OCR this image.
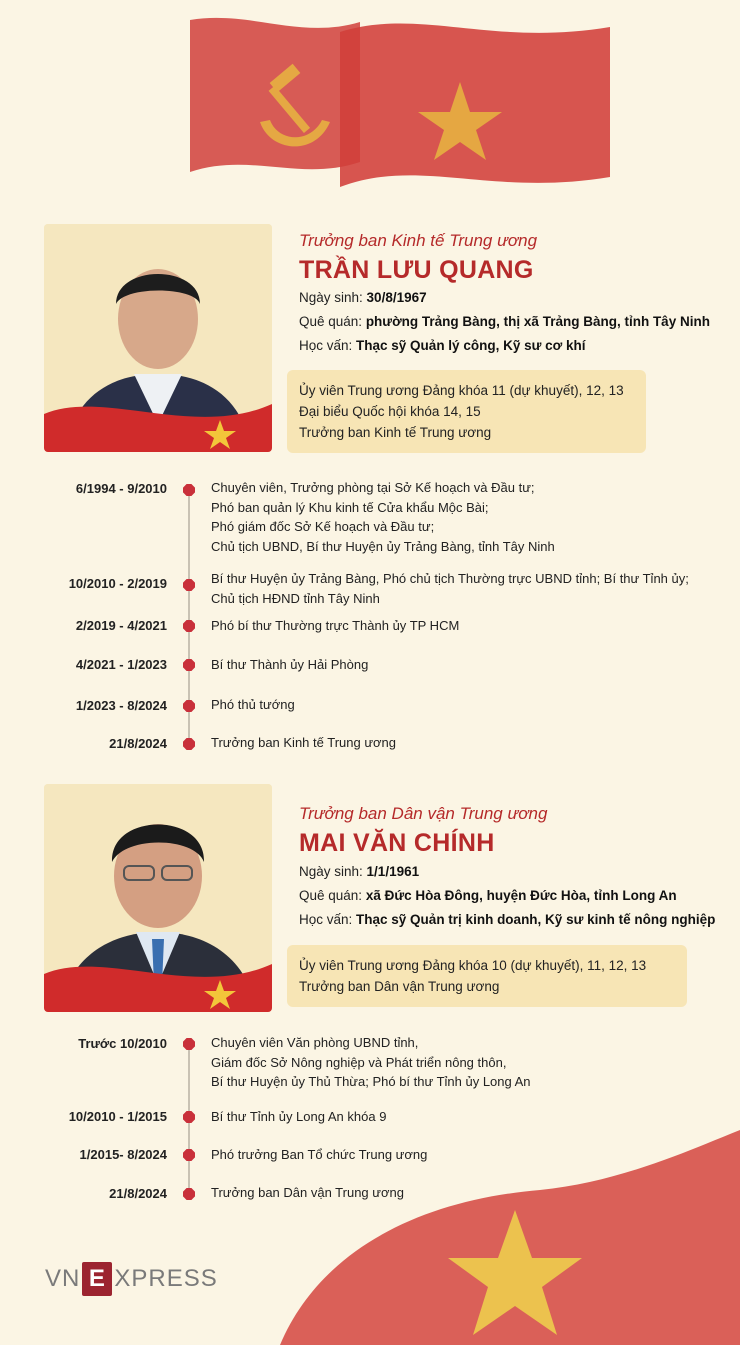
Trưởng ban Kinh tế Trung ương
TRẦN LƯU QUANG
Ngày sinh: 30/8/1967
Quê quán: phường Trảng Bàng, thị xã Trảng Bàng, tỉnh Tây Ninh
Học vấn: Thạc sỹ Quản lý công, Kỹ sư cơ khí
Ủy viên Trung ương Đảng khóa 11 (dự khuyết), 12, 13
Đại biểu Quốc hội khóa 14, 15
Trưởng ban Kinh tế Trung ương
6/1994 - 9/2010	Chuyên viên, Trưởng phòng tại Sở Kế hoạch và Đầu tư;
Phó ban quản lý Khu kinh tế Cửa khẩu Mộc Bài;
Phó giám đốc Sở Kế hoạch và Đầu tư;
Chủ tịch UBND, Bí thư Huyện ủy Trảng Bàng, tỉnh Tây Ninh
10/2010 - 2/2019	Bí thư Huyện ủy Trảng Bàng, Phó chủ tịch Thường trực UBND tỉnh; Bí thư Tỉnh ủy;
Chủ tịch HĐND tỉnh Tây Ninh
2/2019 - 4/2021	Phó bí thư Thường trực Thành ủy TP HCM
4/2021 - 1/2023	Bí thư Thành ủy Hải Phòng
1/2023 - 8/2024	Phó thủ tướng
21/8/2024	Trưởng ban Kinh tế Trung ương
Trưởng ban Dân vận Trung ương
MAI VĂN CHÍNH
Ngày sinh: 1/1/1961
Quê quán: xã Đức Hòa Đông, huyện Đức Hòa, tỉnh Long An
Học vấn: Thạc sỹ Quản trị kinh doanh, Kỹ sư kinh tế nông nghiệp
Ủy viên Trung ương Đảng khóa 10 (dự khuyết), 11, 12, 13
Trưởng ban Dân vận Trung ương
Trước 10/2010	Chuyên viên Văn phòng UBND tỉnh,
Giám đốc Sở Nông nghiệp và Phát triển nông thôn,
Bí thư Huyện ủy Thủ Thừa; Phó bí thư Tỉnh ủy Long An
10/2010 - 1/2015	Bí thư Tỉnh ủy Long An khóa 9
1/2015- 8/2024	Phó trưởng Ban Tổ chức Trung ương
21/8/2024	Trưởng ban Dân vận Trung ương
VN E XPRESS
